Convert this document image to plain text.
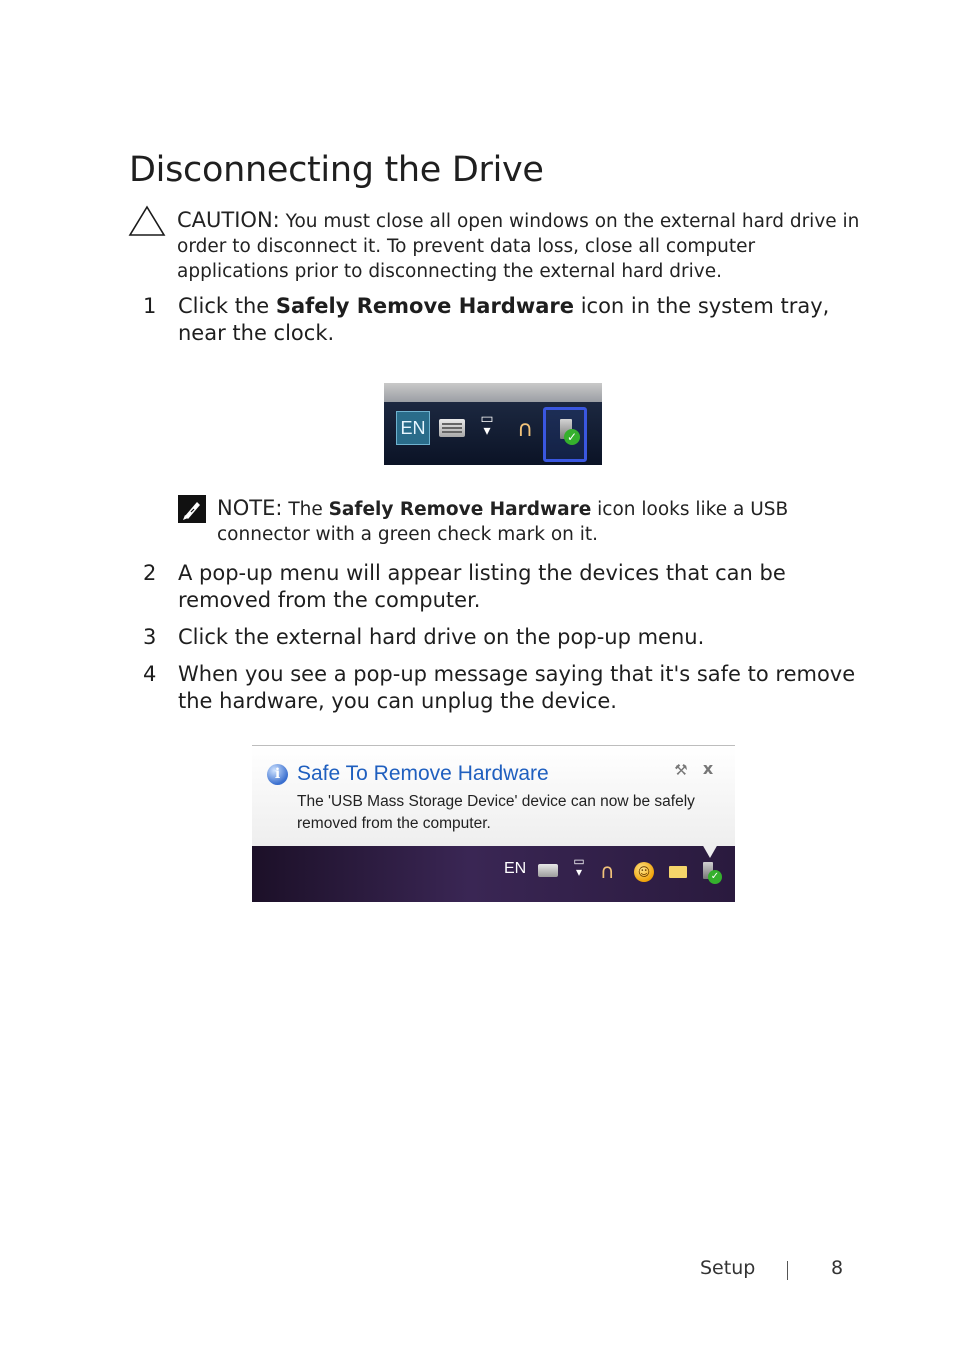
Disconnecting the Drive
CAUTION: You must close all open windows on the external hard drive in order to disconnect it. To prevent data loss, close all computer applications prior to disconnecting the external hard drive.
1 Click the Safely Remove Hardware icon in the system tray, near the clock.
EN	▭
▾ ∩	✓
NOTE: The Safely Remove Hardware icon looks like a USB connector with a green check mark on it.
2 A pop-up menu will appear listing the devices that can be removed from the computer.
3 Click the external hard drive on the pop-up menu.
4 When you see a pop-up message saying that it's safe to remove the hardware, you can unplug the device.
i Safe To Remove Hardware
The 'USB Mass Storage Device' device can now be safely removed from the computer.
⚒ x
EN	▭
▾ ∩	☺	✓
Setup	8
